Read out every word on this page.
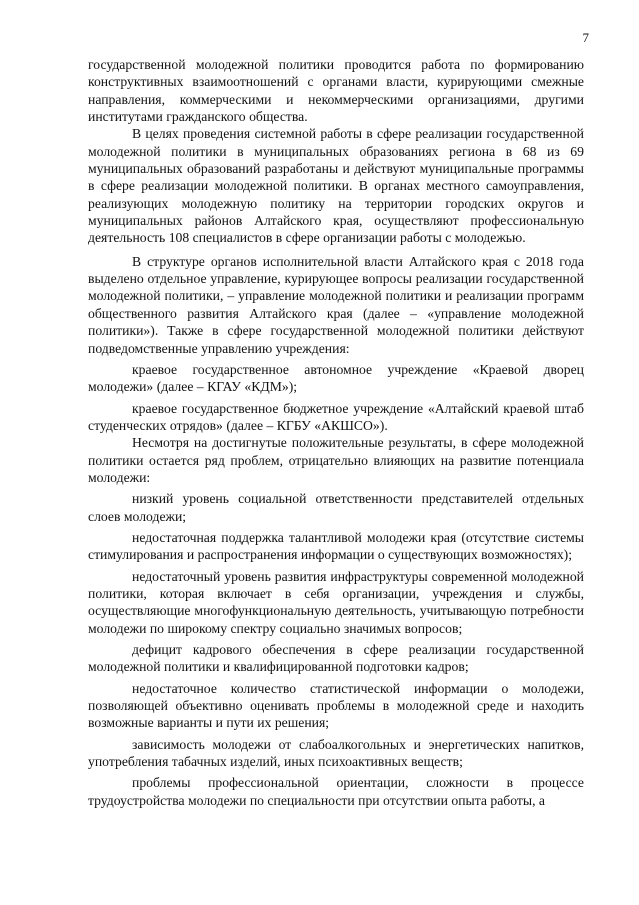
7

государственной молодежной политики проводится работа по формированию конструктивных взаимоотношений с органами власти, курирующими смежные направления, коммерческими и некоммерческими организациями, другими институтами гражданского общества.

В целях проведения системной работы в сфере реализации государственной молодежной политики в муниципальных образованиях региона в 68 из 69 муниципальных образований разработаны и действуют муниципальные программы в сфере реализации молодежной политики. В органах местного самоуправления, реализующих молодежную политику на территории городских округов и муниципальных районов Алтайского края, осуществляют профессиональную деятельность 108 специалистов в сфере организации работы с молодежью.

В структуре органов исполнительной власти Алтайского края с 2018 года выделено отдельное управление, курирующее вопросы реализации государственной молодежной политики, – управление молодежной политики и реализации программ общественного развития Алтайского края (далее – «управление молодежной политики»). Также в сфере государственной молодежной политики действуют подведомственные управлению учреждения:

краевое государственное автономное учреждение «Краевой дворец молодежи» (далее – КГАУ «КДМ»);

краевое государственное бюджетное учреждение «Алтайский краевой штаб студенческих отрядов» (далее – КГБУ «АКШСО»).

Несмотря на достигнутые положительные результаты, в сфере молодежной политики остается ряд проблем, отрицательно влияющих на развитие потенциала молодежи:

низкий уровень социальной ответственности представителей отдельных слоев молодежи;

недостаточная поддержка талантливой молодежи края (отсутствие системы стимулирования и распространения информации о существующих возможностях);

недостаточный уровень развития инфраструктуры современной молодежной политики, которая включает в себя организации, учреждения и службы, осуществляющие многофункциональную деятельность, учитывающую потребности молодежи по широкому спектру социально значимых вопросов;

дефицит кадрового обеспечения в сфере реализации государственной молодежной политики и квалифицированной подготовки кадров;

недостаточное количество статистической информации о молодежи, позволяющей объективно оценивать проблемы в молодежной среде и находить возможные варианты и пути их решения;

зависимость молодежи от слабоалкогольных и энергетических напитков, употребления табачных изделий, иных психоактивных веществ;

проблемы профессиональной ориентации, сложности в процессе трудоустройства молодежи по специальности при отсутствии опыта работы, а
